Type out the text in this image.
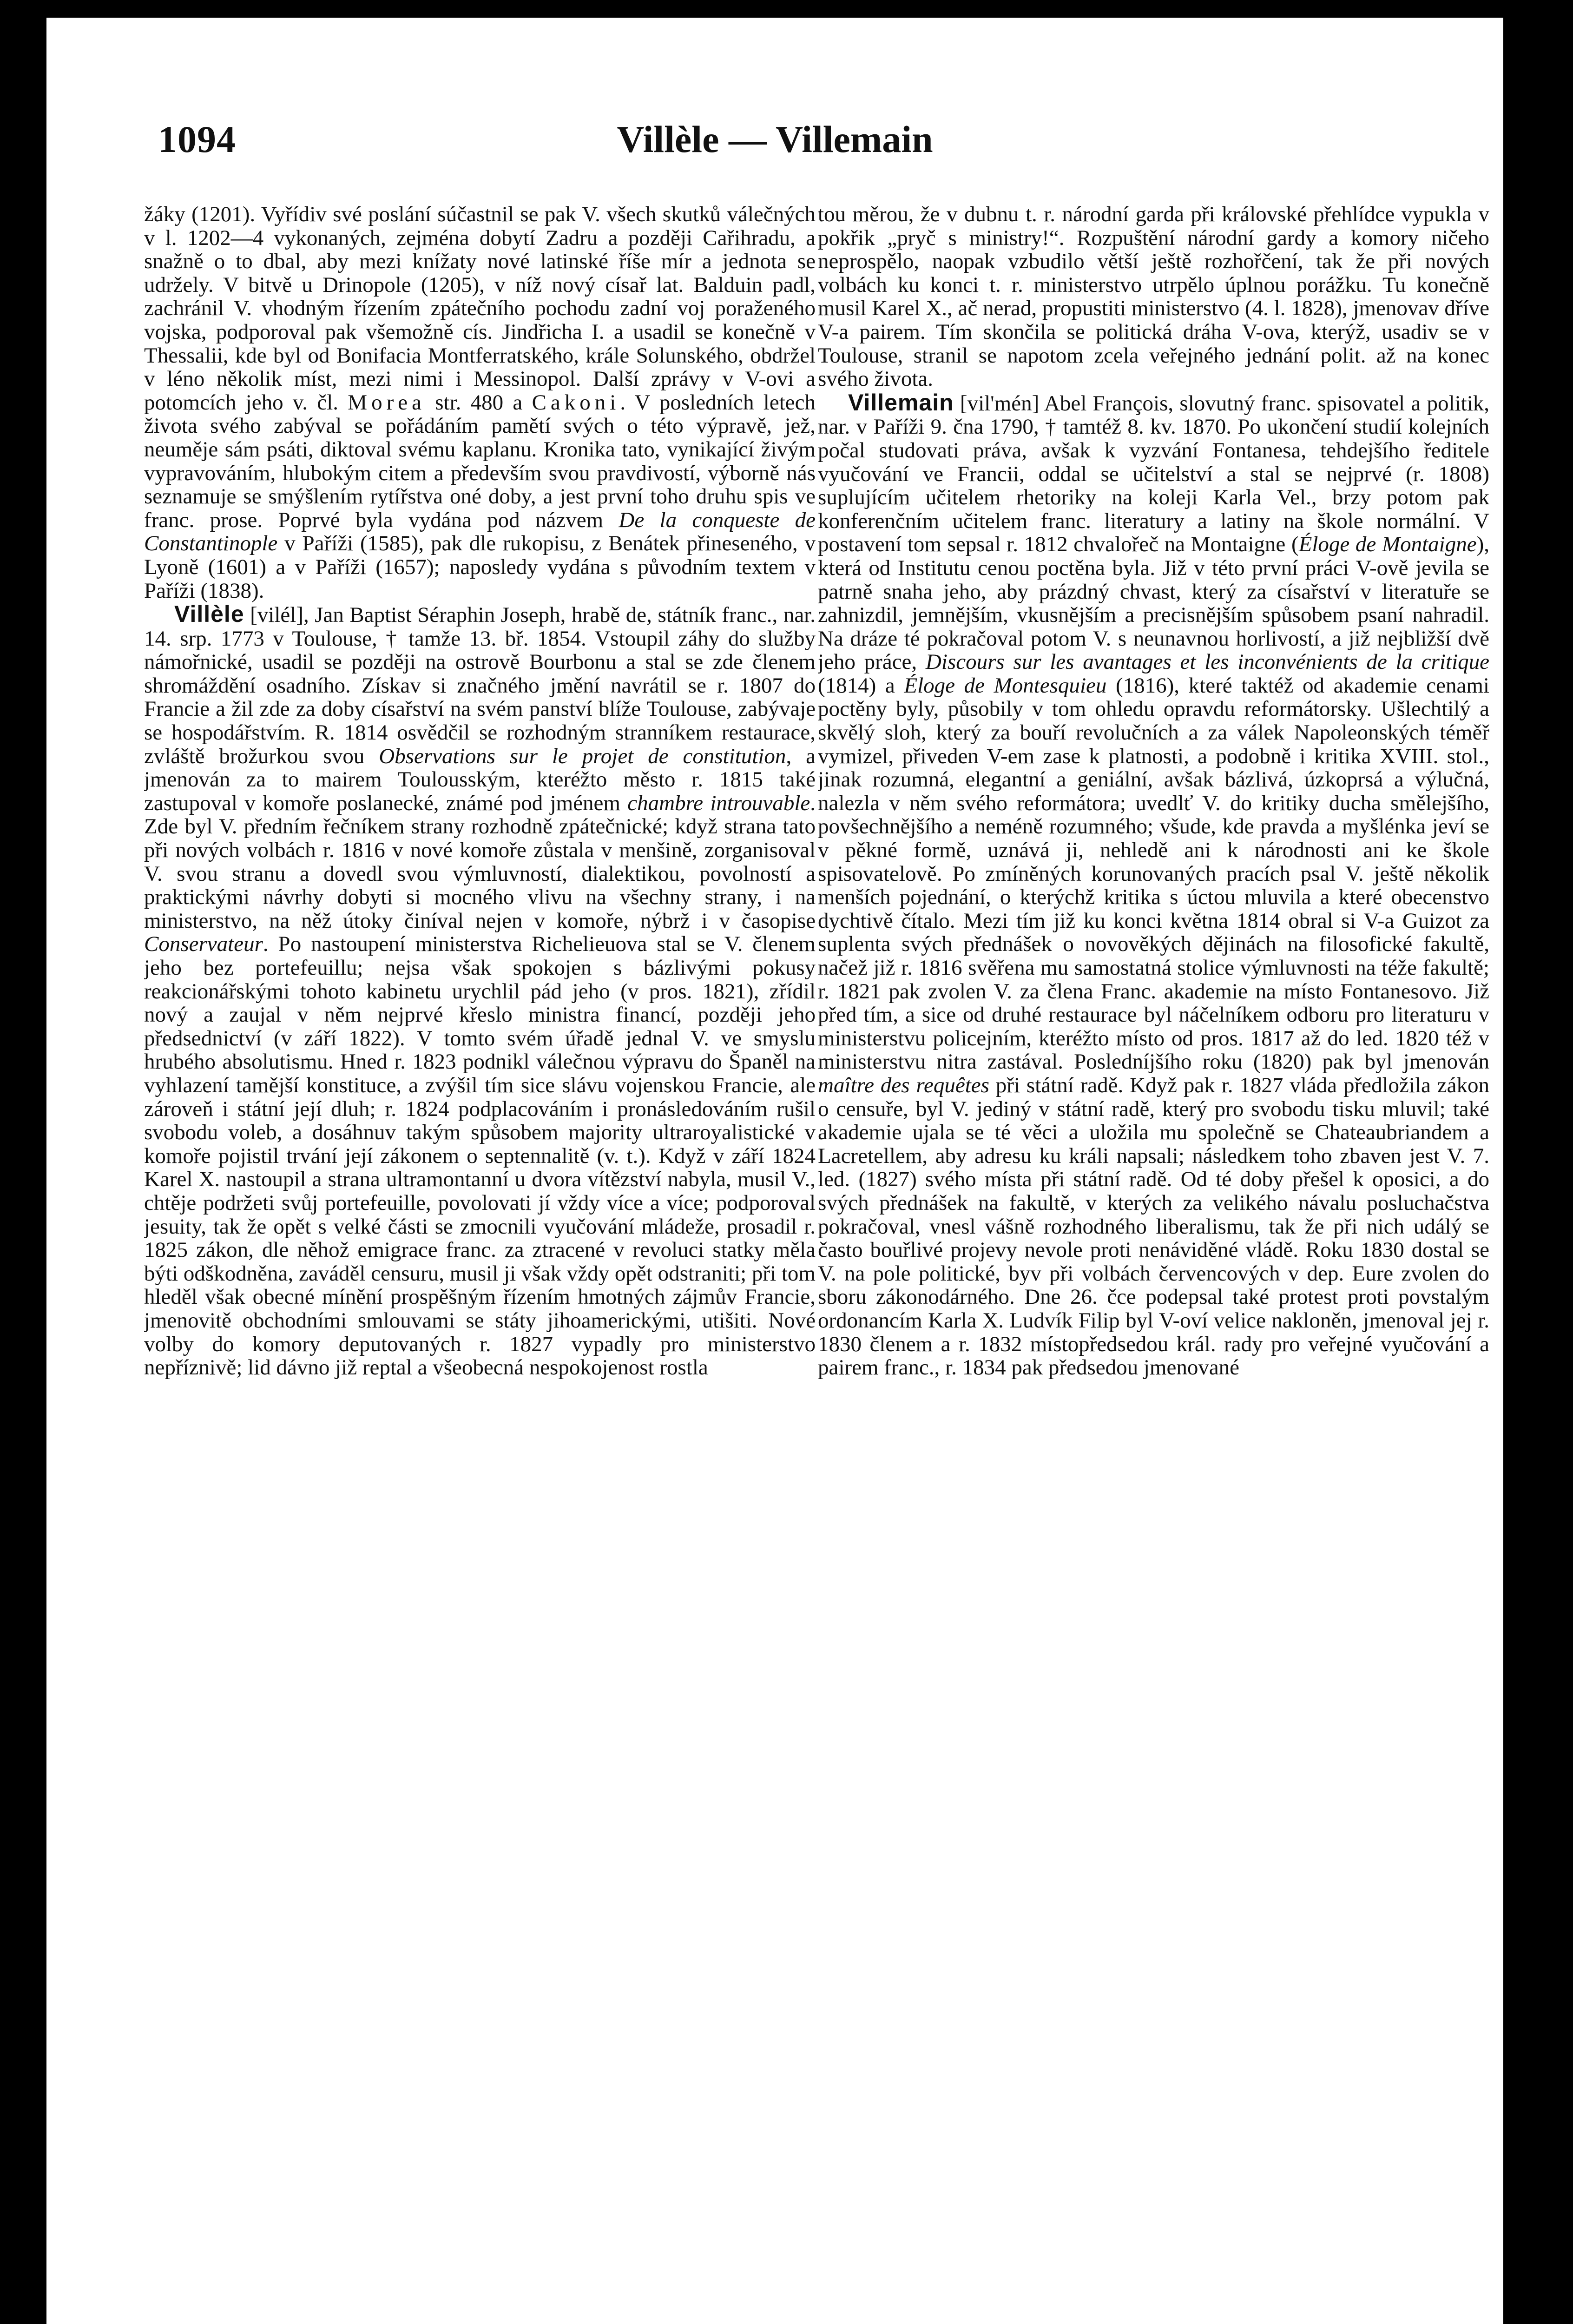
1094	Villèle — Villemain

žáky (1201). Vyřídiv své poslání súčastnil se pak V. všech skutků válečných v l. 1202—4 vykonaných, zejména dobytí Zadru a později Cařihradu, a snažně o to dbal, aby mezi knížaty nové latinské říše mír a jednota se udržely. V bitvě u Drinopole (1205), v níž nový císař lat. Balduin padl, zachránil V. vhodným řízením zpátečního pochodu zadní voj poraženého vojska, podporoval pak všemožně cís. Jindřicha I. a usadil se konečně v Thessalii, kde byl od Bonifacia Montferratského, krále Solunského, obdržel v léno několik míst, mezi nimi i Messinopol. Další zprávy v V-ovi a potomcích jeho v. čl. Morea str. 480 a Cakoni. V posledních letech života svého zabýval se pořádáním pamětí svých o této výpravě, jež, neuměje sám psáti, diktoval svému kaplanu. Kronika tato, vynikající živým vypravováním, hlubokým citem a především svou pravdivostí, výborně nás seznamuje se smýšlením rytířstva oné doby, a jest první toho druhu spis ve franc. prose. Poprvé byla vydána pod názvem De la conqueste de Constantinople v Paříži (1585), pak dle rukopisu, z Benátek přineseného, v Lyoně (1601) a v Paříži (1657); naposledy vydána s původním textem v Paříži (1838).

Villèle [vilél], Jan Baptist Séraphin Joseph, hrabě de, státník franc., nar. 14. srp. 1773 v Toulouse, † tamže 13. bř. 1854. Vstoupil záhy do služby námořnické, usadil se později na ostrově Bourbonu a stal se zde členem shromáždění osadního. Získav si značného jmění navrátil se r. 1807 do Francie a žil zde za doby císařství na svém panství blíže Toulouse, zabývaje se hospodářstvím. R. 1814 osvědčil se rozhodným stranníkem restaurace, zvláště brožurkou svou Observations sur le projet de constitution, a jmenován za to mairem Toulousským, kteréžto město r. 1815 také zastupoval v komoře poslanecké, známé pod jménem chambre introuvable. Zde byl V. předním řečníkem strany rozhodně zpátečnické; když strana tato při nových volbách r. 1816 v nové komoře zůstala v menšině, zorganisoval V. svou stranu a dovedl svou výmluvností, dialektikou, povolností a praktickými návrhy dobyti si mocného vlivu na všechny strany, i na ministerstvo, na něž útoky činíval nejen v komoře, nýbrž i v časopise Conservateur. Po nastoupení ministerstva Richelieuova stal se V. členem jeho bez portefeuillu; nejsa však spokojen s bázlivými pokusy reakcionářskými tohoto kabinetu urychlil pád jeho (v pros. 1821), zřídil nový a zaujal v něm nejprvé křeslo ministra financí, později jeho předsednictví (v září 1822). V tomto svém úřadě jednal V. ve smyslu hrubého absolutismu. Hned r. 1823 podnikl válečnou výpravu do Španěl na vyhlazení tamější konstituce, a zvýšil tím sice slávu vojenskou Francie, ale zároveň i státní její dluh; r. 1824 podplacováním i pronásledováním rušil svobodu voleb, a dosáhnuv takým spůsobem majority ultraroyalistické v komoře pojistil trvání její zákonem o septennalitě (v. t.). Když v září 1824 Karel X. nastoupil a strana ultramontanní u dvora vítězství nabyla, musil V., chtěje podržeti svůj portefeuille, povolovati jí vždy více a více; podporoval jesuity, tak že opět s velké části se zmocnili vyučování mládeže, prosadil r. 1825 zákon, dle něhož emigrace franc. za ztracené v revoluci statky měla býti odškodněna, zaváděl censuru, musil ji však vždy opět odstraniti; při tom hleděl však obecné mínění prospěšným řízením hmotných zájmův Francie, jmenovitě obchodními smlouvami se státy jihoamerickými, utišiti. Nové volby do komory deputovaných r. 1827 vypadly pro ministerstvo nepříznivě; lid dávno již reptal a všeobecná nespokojenost rostla

tou měrou, že v dubnu t. r. národní garda při královské přehlídce vypukla v pokřik „pryč s ministry!“. Rozpuštění národní gardy a komory ničeho neprospělo, naopak vzbudilo větší ještě rozhořčení, tak že při nových volbách ku konci t. r. ministerstvo utrpělo úplnou porážku. Tu konečně musil Karel X., ač nerad, propustiti ministerstvo (4. l. 1828), jmenovav dříve V-a pairem. Tím skončila se politická dráha V-ova, kterýž, usadiv se v Toulouse, stranil se napotom zcela veřejného jednání polit. až na konec svého života.

Villemain [vil'mén] Abel François, slovutný franc. spisovatel a politik, nar. v Paříži 9. čna 1790, † tamtéž 8. kv. 1870. Po ukončení studií kolejních počal studovati práva, avšak k vyzvání Fontanesa, tehdejšího ředitele vyučování ve Francii, oddal se učitelství a stal se nejprvé (r. 1808) suplujícím učitelem rhetoriky na koleji Karla Vel., brzy potom pak konferenčním učitelem franc. literatury a latiny na škole normální. V postavení tom sepsal r. 1812 chvalořeč na Montaigne (Éloge de Montaigne), která od Institutu cenou poctěna byla. Již v této první práci V-ově jevila se patrně snaha jeho, aby prázdný chvast, který za císařství v literatuře se zahnizdil, jemnějším, vkusnějším a precisnějším spůsobem psaní nahradil. Na dráze té pokračoval potom V. s neunavnou horlivostí, a již nejbližší dvě jeho práce, Discours sur les avantages et les inconvénients de la critique (1814) a Éloge de Montesquieu (1816), které taktéž od akademie cenami poctěny byly, působily v tom ohledu opravdu reformátorsky. Ušlechtilý a skvělý sloh, který za bouří revolučních a za válek Napoleonských téměř vymizel, přiveden V-em zase k platnosti, a podobně i kritika XVIII. stol., jinak rozumná, elegantní a geniální, avšak bázlivá, úzkoprsá a výlučná, nalezla v něm svého reformátora; uvedlť V. do kritiky ducha smělejšího, povšechnějšího a neméně rozumného; všude, kde pravda a myšlénka jeví se v pěkné formě, uznává ji, nehledě ani k národnosti ani ke škole spisovatelově. Po zmíněných korunovaných pracích psal V. ještě několik menších pojednání, o kterýchž kritika s úctou mluvila a které obecenstvo dychtivě čítalo. Mezi tím již ku konci května 1814 obral si V-a Guizot za suplenta svých přednášek o novověkých dějinách na filosofické fakultě, načež již r. 1816 svěřena mu samostatná stolice výmluvnosti na téže fakultě; r. 1821 pak zvolen V. za člena Franc. akademie na místo Fontanesovo. Již před tím, a sice od druhé restaurace byl náčelníkem odboru pro literaturu v ministerstvu policejním, kteréžto místo od pros. 1817 až do led. 1820 též v ministerstvu nitra zastával. Posledníjšího roku (1820) pak byl jmenován maître des requêtes při státní radě. Když pak r. 1827 vláda předložila zákon o censuře, byl V. jediný v státní radě, který pro svobodu tisku mluvil; také akademie ujala se té věci a uložila mu společně se Chateaubriandem a Lacretellem, aby adresu ku králi napsali; následkem toho zbaven jest V. 7. led. (1827) svého místa při státní radě. Od té doby přešel k oposici, a do svých přednášek na fakultě, v kterých za velikého návalu posluchačstva pokračoval, vnesl vášně rozhodného liberalismu, tak že při nich událý se často bouřlivé projevy nevole proti nenáviděné vládě. Roku 1830 dostal se V. na pole politické, byv při volbách červencových v dep. Eure zvolen do sboru zákonodárného. Dne 26. čce podepsal také protest proti povstalým ordonancím Karla X. Ludvík Filip byl V-oví velice nakloněn, jmenoval jej r. 1830 členem a r. 1832 místopředsedou král. rady pro veřejné vyučování a pairem franc., r. 1834 pak předsedou jmenované
